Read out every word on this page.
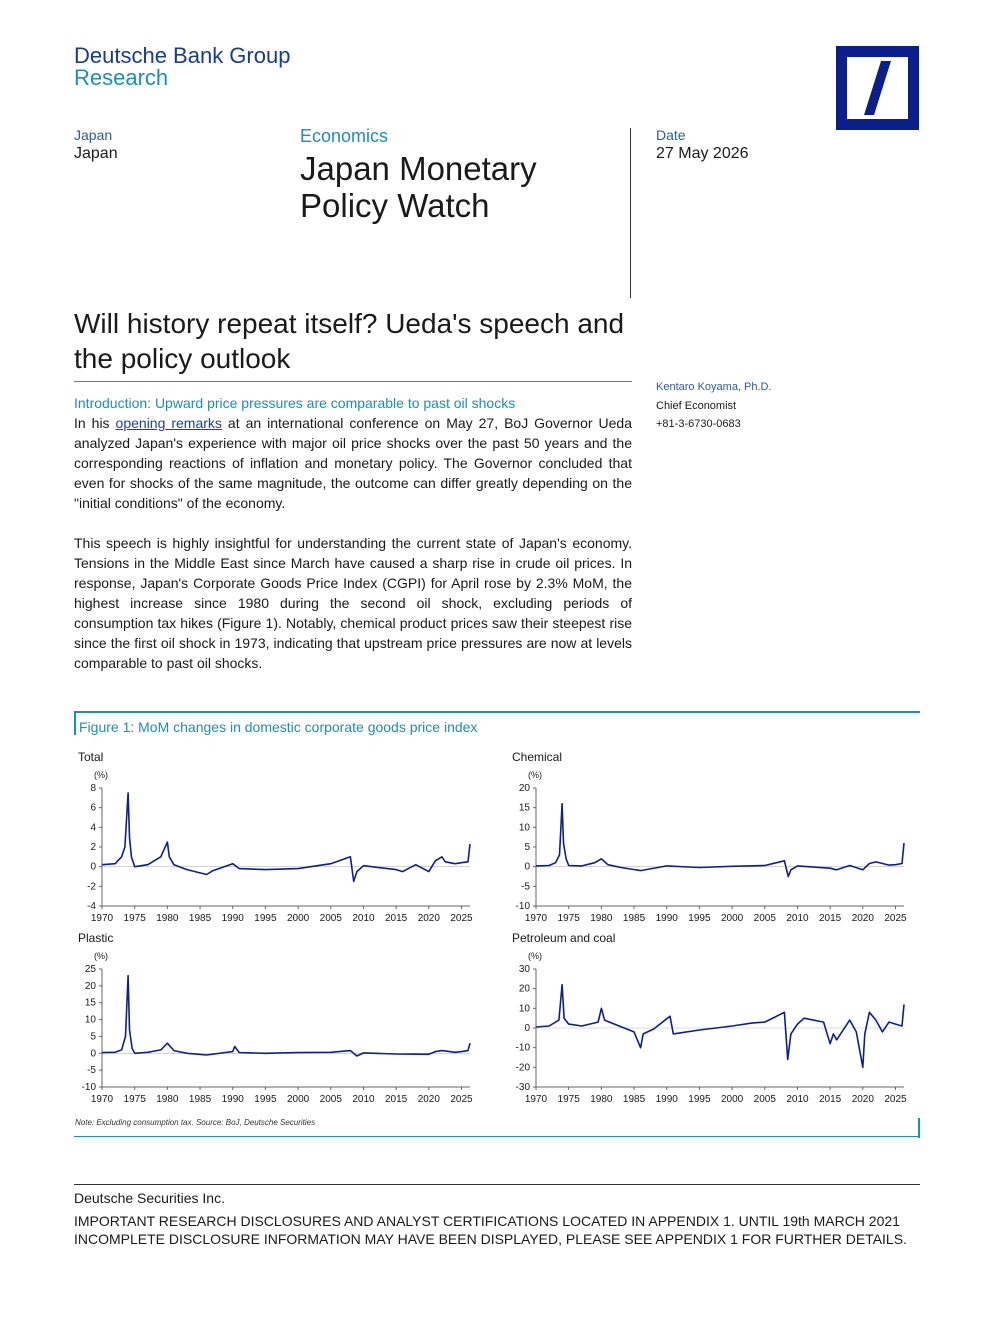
Deutsche Bank Group
Research
Japan
Japan
Economics
Japan Monetary Policy Watch
Date
27 May 2026
Will history repeat itself? Ueda's speech and the policy outlook
Kentaro Koyama, Ph.D.
Chief Economist
+81-3-6730-0683
Introduction: Upward price pressures are comparable to past oil shocks
In his opening remarks at an international conference on May 27, BoJ Governor Ueda analyzed Japan's experience with major oil price shocks over the past 50 years and the corresponding reactions of inflation and monetary policy. The Governor concluded that even for shocks of the same magnitude, the outcome can differ greatly depending on the "initial conditions" of the economy.
This speech is highly insightful for understanding the current state of Japan's economy. Tensions in the Middle East since March have caused a sharp rise in crude oil prices. In response, Japan's Corporate Goods Price Index (CGPI) for April rose by 2.3% MoM, the highest increase since 1980 during the second oil shock, excluding periods of consumption tax hikes (Figure 1). Notably, chemical product prices saw their steepest rise since the first oil shock in 1973, indicating that upstream price pressures are now at levels comparable to past oil shocks.
Figure 1: MoM changes in domestic corporate goods price index
Total
(%)
8
6
4
2
0
-2
-4
1970 1975 1980 1985 1990 1995 2000 2005 2010 2015 2020 2025
Chemical
(%)
20
15
10
5
0
-5
-10
1970 1975 1980 1985 1990 1995 2000 2005 2010 2015 2020 2025
Plastic
(%)
25
20
15
10
5
0
-5
-10
1970 1975 1980 1985 1990 1995 2000 2005 2010 2015 2020 2025
Petroleum and coal
(%)
30
20
10
0
-10
-20
-30
1970 1975 1980 1985 1990 1995 2000 2005 2010 2015 2020 2025
Note: Excluding consumption tax. Source: BoJ, Deutsche Securities
Deutsche Securities Inc.
IMPORTANT RESEARCH DISCLOSURES AND ANALYST CERTIFICATIONS LOCATED IN APPENDIX 1. UNTIL 19th MARCH 2021 INCOMPLETE DISCLOSURE INFORMATION MAY HAVE BEEN DISPLAYED, PLEASE SEE APPENDIX 1 FOR FURTHER DETAILS.
